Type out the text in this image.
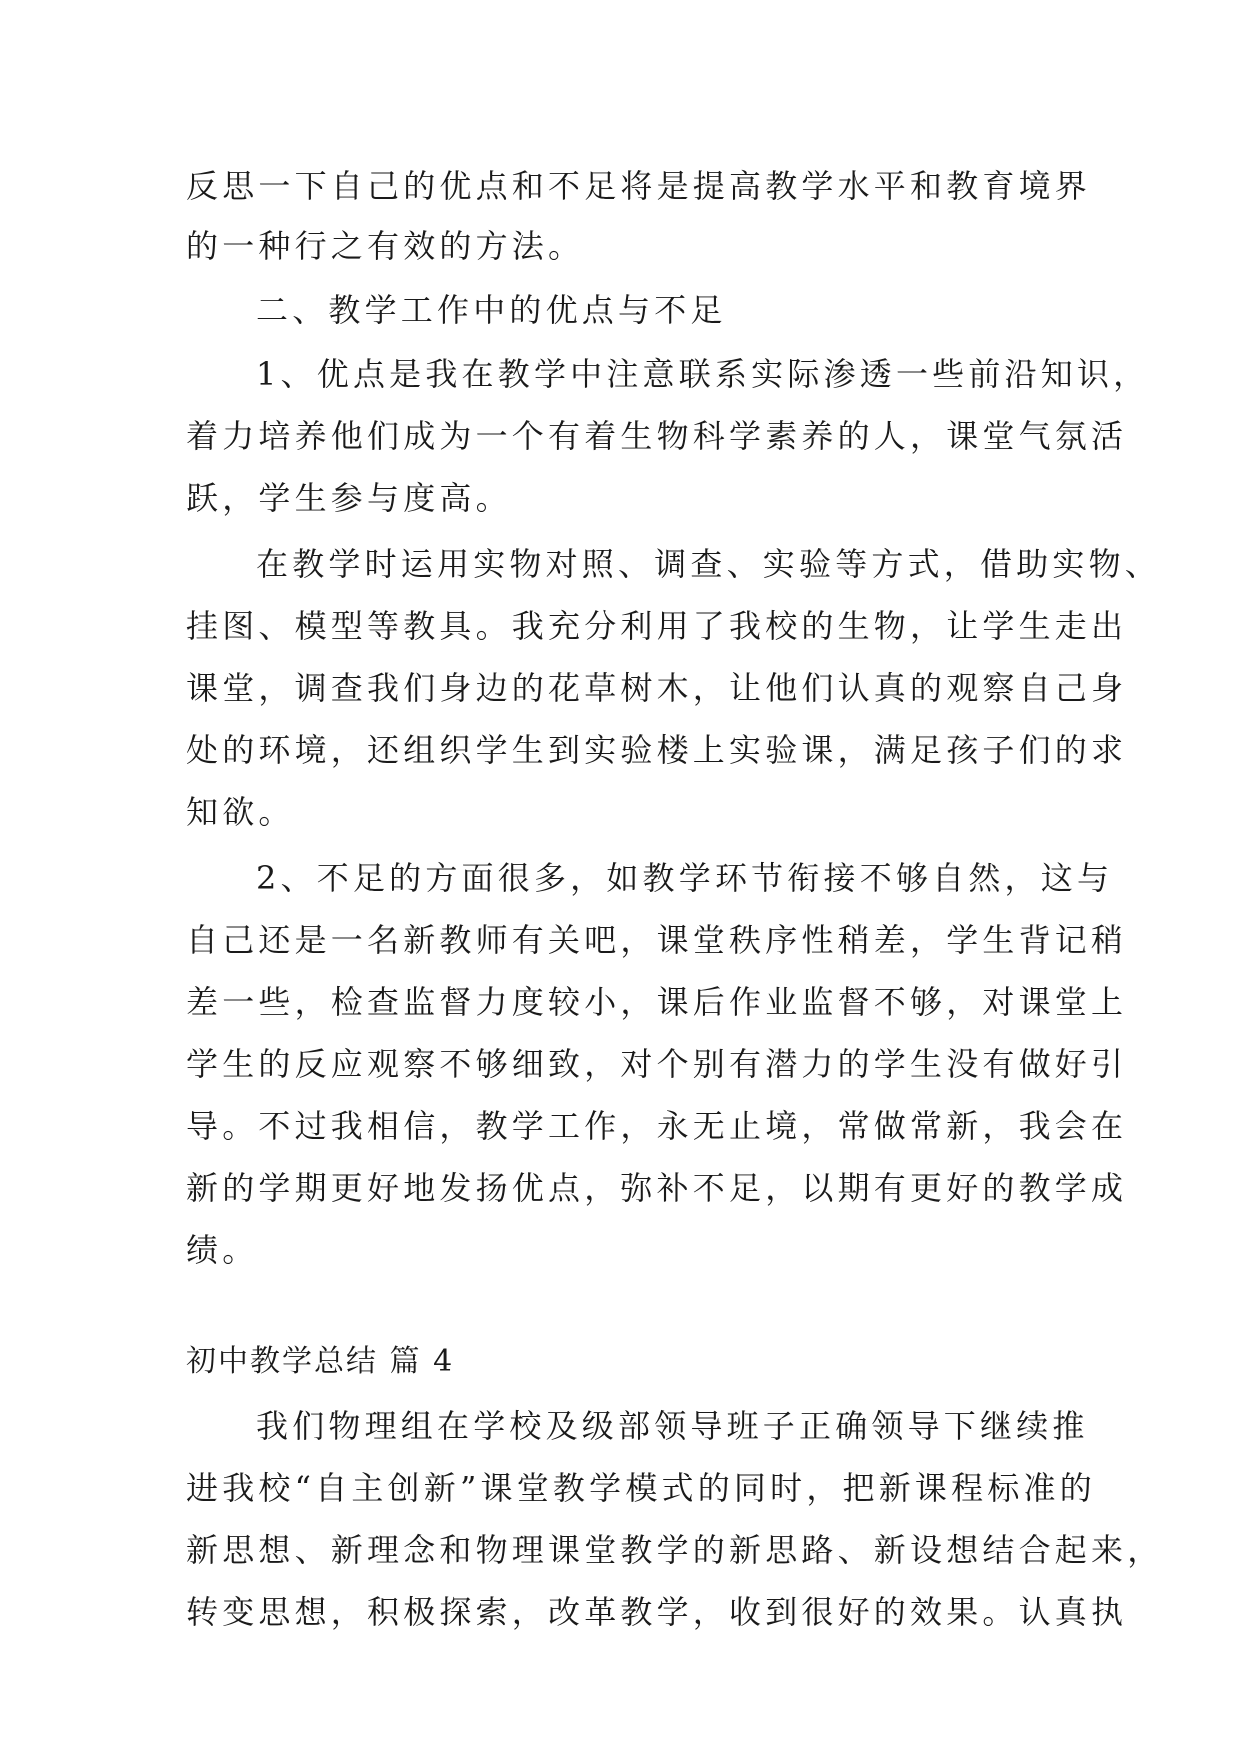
反思一下自己的优点和不足将是提高教学水平和教育境界
的一种行之有效的方法。
二、教学工作中的优点与不足
1、优点是我在教学中注意联系实际渗透一些前沿知识，
着力培养他们成为一个有着生物科学素养的人，课堂气氛活
跃，学生参与度高。
在教学时运用实物对照、调查、实验等方式，借助实物、
挂图、模型等教具。我充分利用了我校的生物，让学生走出
课堂，调查我们身边的花草树木，让他们认真的观察自己身
处的环境，还组织学生到实验楼上实验课，满足孩子们的求
知欲。
2、不足的方面很多，如教学环节衔接不够自然，这与
自己还是一名新教师有关吧，课堂秩序性稍差，学生背记稍
差一些，检查监督力度较小，课后作业监督不够，对课堂上
学生的反应观察不够细致，对个别有潜力的学生没有做好引
导。不过我相信，教学工作，永无止境，常做常新，我会在
新的学期更好地发扬优点，弥补不足，以期有更好的教学成
绩。
初中教学总结 篇 4
我们物理组在学校及级部领导班子正确领导下继续推
进我校“自主创新”课堂教学模式的同时，把新课程标准的
新思想、新理念和物理课堂教学的新思路、新设想结合起来，
转变思想，积极探索，改革教学，收到很好的效果。认真执
